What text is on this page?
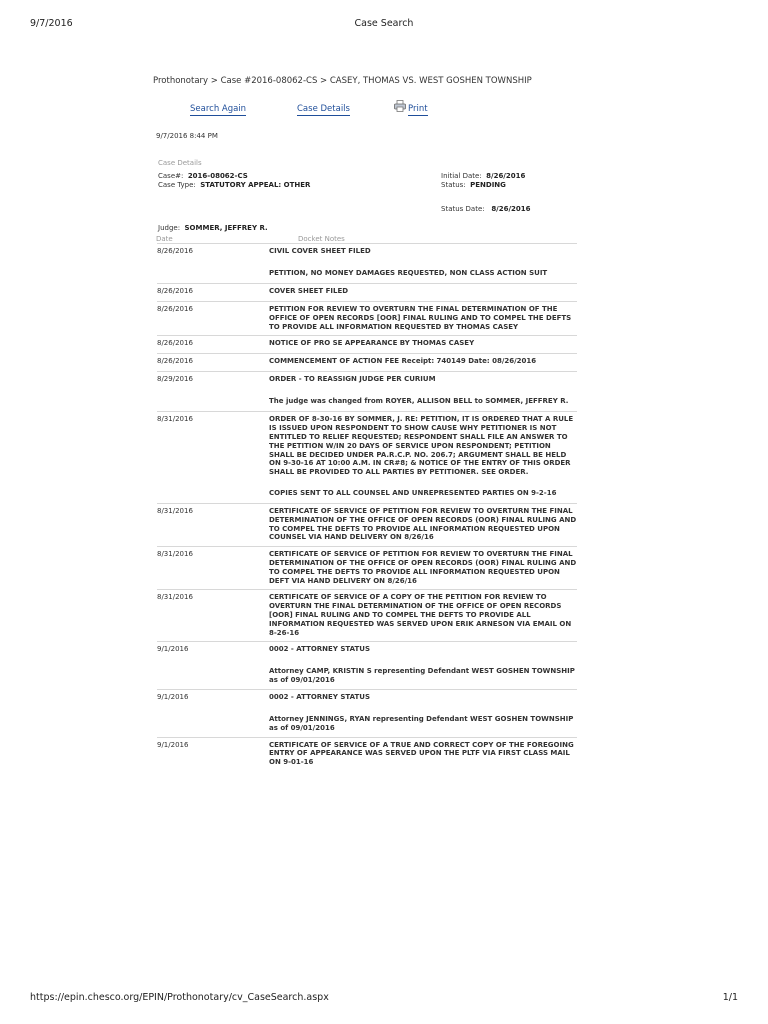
9/7/2016	Case Search
Prothonotary > Case #2016-08062-CS > CASEY, THOMAS VS. WEST GOSHEN TOWNSHIP
Search Again	Case Details	Print
9/7/2016 8:44 PM
Case Details
Case#: 2016-08062-CS
Case Type: STATUTORY APPEAL: OTHER
Initial Date: 8/26/2016
Status: PENDING
Status Date: 8/26/2016
Judge: SOMMER, JEFFREY R.
Date	Docket Notes
8/26/2016	CIVIL COVER SHEET FILED
PETITION, NO MONEY DAMAGES REQUESTED, NON CLASS ACTION SUIT
8/26/2016	COVER SHEET FILED
8/26/2016	PETITION FOR REVIEW TO OVERTURN THE FINAL DETERMINATION OF THE OFFICE OF OPEN RECORDS [OOR] FINAL RULING AND TO COMPEL THE DEFTS TO PROVIDE ALL INFORMATION REQUESTED BY THOMAS CASEY
8/26/2016	NOTICE OF PRO SE APPEARANCE BY THOMAS CASEY
8/26/2016	COMMENCEMENT OF ACTION FEE Receipt: 740149 Date: 08/26/2016
8/29/2016	ORDER - TO REASSIGN JUDGE PER CURIUM
The judge was changed from ROYER, ALLISON BELL to SOMMER, JEFFREY R.
8/31/2016	ORDER OF 8-30-16 BY SOMMER, J. RE: PETITION, IT IS ORDERED THAT A RULE IS ISSUED UPON RESPONDENT TO SHOW CAUSE WHY PETITIONER IS NOT ENTITLED TO RELIEF REQUESTED; RESPONDENT SHALL FILE AN ANSWER TO THE PETITION W/IN 20 DAYS OF SERVICE UPON RESPONDENT; PETITION SHALL BE DECIDED UNDER PA.R.C.P. NO. 206.7; ARGUMENT SHALL BE HELD ON 9-30-16 AT 10:00 A.M. IN CR#8; & NOTICE OF THE ENTRY OF THIS ORDER SHALL BE PROVIDED TO ALL PARTIES BY PETITIONER. SEE ORDER.
COPIES SENT TO ALL COUNSEL AND UNREPRESENTED PARTIES ON 9-2-16
8/31/2016	CERTIFICATE OF SERVICE OF PETITION FOR REVIEW TO OVERTURN THE FINAL DETERMINATION OF THE OFFICE OF OPEN RECORDS (OOR) FINAL RULING AND TO COMPEL THE DEFTS TO PROVIDE ALL INFORMATION REQUESTED UPON COUNSEL VIA HAND DELIVERY ON 8/26/16
8/31/2016	CERTIFICATE OF SERVICE OF PETITION FOR REVIEW TO OVERTURN THE FINAL DETERMINATION OF THE OFFICE OF OPEN RECORDS (OOR) FINAL RULING AND TO COMPEL THE DEFTS TO PROVIDE ALL INFORMATION REQUESTED UPON DEFT VIA HAND DELIVERY ON 8/26/16
8/31/2016	CERTIFICATE OF SERVICE OF A COPY OF THE PETITION FOR REVIEW TO OVERTURN THE FINAL DETERMINATION OF THE OFFICE OF OPEN RECORDS [OOR] FINAL RULING AND TO COMPEL THE DEFTS TO PROVIDE ALL INFORMATION REQUESTED WAS SERVED UPON ERIK ARNESON VIA EMAIL ON 8-26-16
9/1/2016	0002 - ATTORNEY STATUS
Attorney CAMP, KRISTIN S representing Defendant WEST GOSHEN TOWNSHIP as of 09/01/2016
9/1/2016	0002 - ATTORNEY STATUS
Attorney JENNINGS, RYAN representing Defendant WEST GOSHEN TOWNSHIP as of 09/01/2016
9/1/2016	CERTIFICATE OF SERVICE OF A TRUE AND CORRECT COPY OF THE FOREGOING ENTRY OF APPEARANCE WAS SERVED UPON THE PLTF VIA FIRST CLASS MAIL ON 9-01-16
https://epin.chesco.org/EPIN/Prothonotary/cv_CaseSearch.aspx	1/1
